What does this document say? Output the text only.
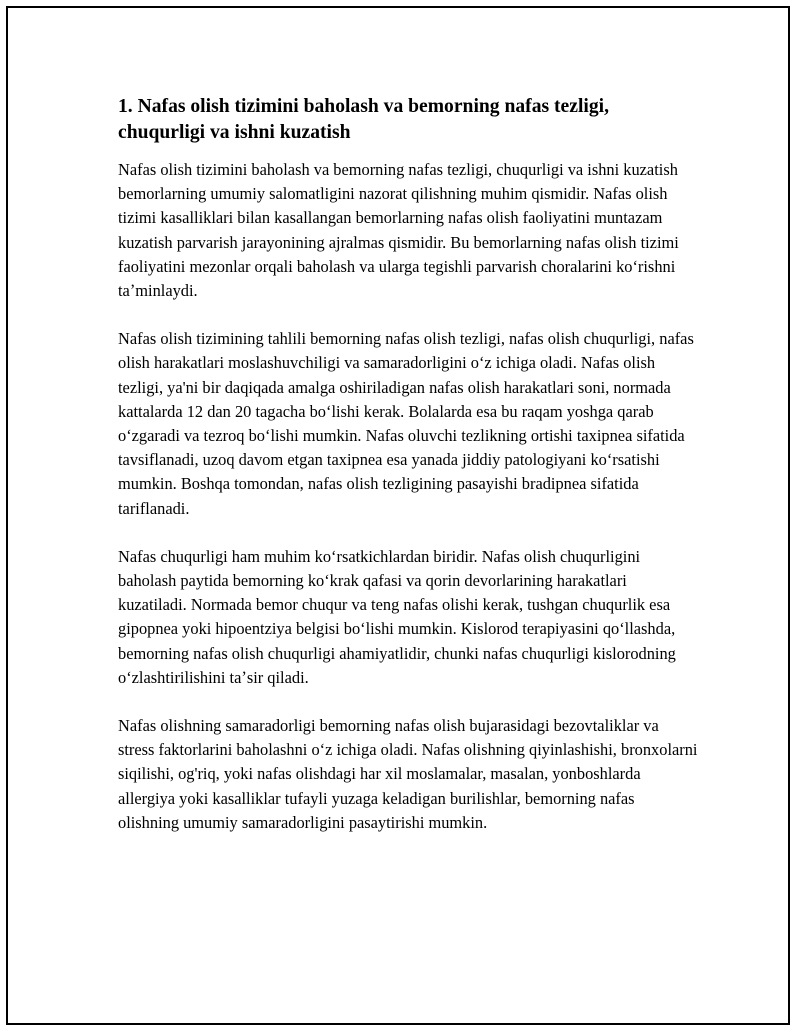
1. Nafas olish tizimini baholash va bemorning nafas tezligi, chuqurligi va ishni kuzatish

Nafas olish tizimini baholash va bemorning nafas tezligi, chuqurligi va ishni kuzatish bemorlarning umumiy salomatligini nazorat qilishning muhim qismidir. Nafas olish tizimi kasalliklari bilan kasallangan bemorlarning nafas olish faoliyatini muntazam kuzatish parvarish jarayonining ajralmas qismidir. Bu bemorlarning nafas olish tizimi faoliyatini mezonlar orqali baholash va ularga tegishli parvarish choralarini koʻrishni taʼminlaydi.

Nafas olish tizimining tahlili bemorning nafas olish tezligi, nafas olish chuqurligi, nafas olish harakatlari moslashuvchiligi va samaradorligini oʻz ichiga oladi. Nafas olish tezligi, ya'ni bir daqiqada amalga oshiriladigan nafas olish harakatlari soni, normada kattalarda 12 dan 20 tagacha boʻlishi kerak. Bolalarda esa bu raqam yoshga qarab oʻzgaradi va tezroq boʻlishi mumkin. Nafas oluvchi tezlikning ortishi taxipnea sifatida tavsiflanadi, uzoq davom etgan taxipnea esa yanada jiddiy patologiyani koʻrsatishi mumkin. Boshqa tomondan, nafas olish tezligining pasayishi bradipnea sifatida tariflanadi.

Nafas chuqurligi ham muhim koʻrsatkichlardan biridir. Nafas olish chuqurligini baholash paytida bemorning koʻkrak qafasi va qorin devorlarining harakatlari kuzatiladi. Normada bemor chuqur va teng nafas olishi kerak, tushgan chuqurlik esa gipopnea yoki hipoentziya belgisi boʻlishi mumkin. Kislorod terapiyasini qoʻllashda, bemorning nafas olish chuqurligi ahamiyatlidir, chunki nafas chuqurligi kislorodning oʻzlashtirilishini taʼsir qiladi.

Nafas olishning samaradorligi bemorning nafas olish bujarasidagi bezovtaliklar va stress faktorlarini baholashni oʻz ichiga oladi. Nafas olishning qiyinlashishi, bronxolarni siqilishi, og'riq, yoki nafas olishdagi har xil moslamalar, masalan, yonboshlarda allergiya yoki kasalliklar tufayli yuzaga keladigan burilishlar, bemorning nafas olishning umumiy samaradorligini pasaytirishi mumkin.
